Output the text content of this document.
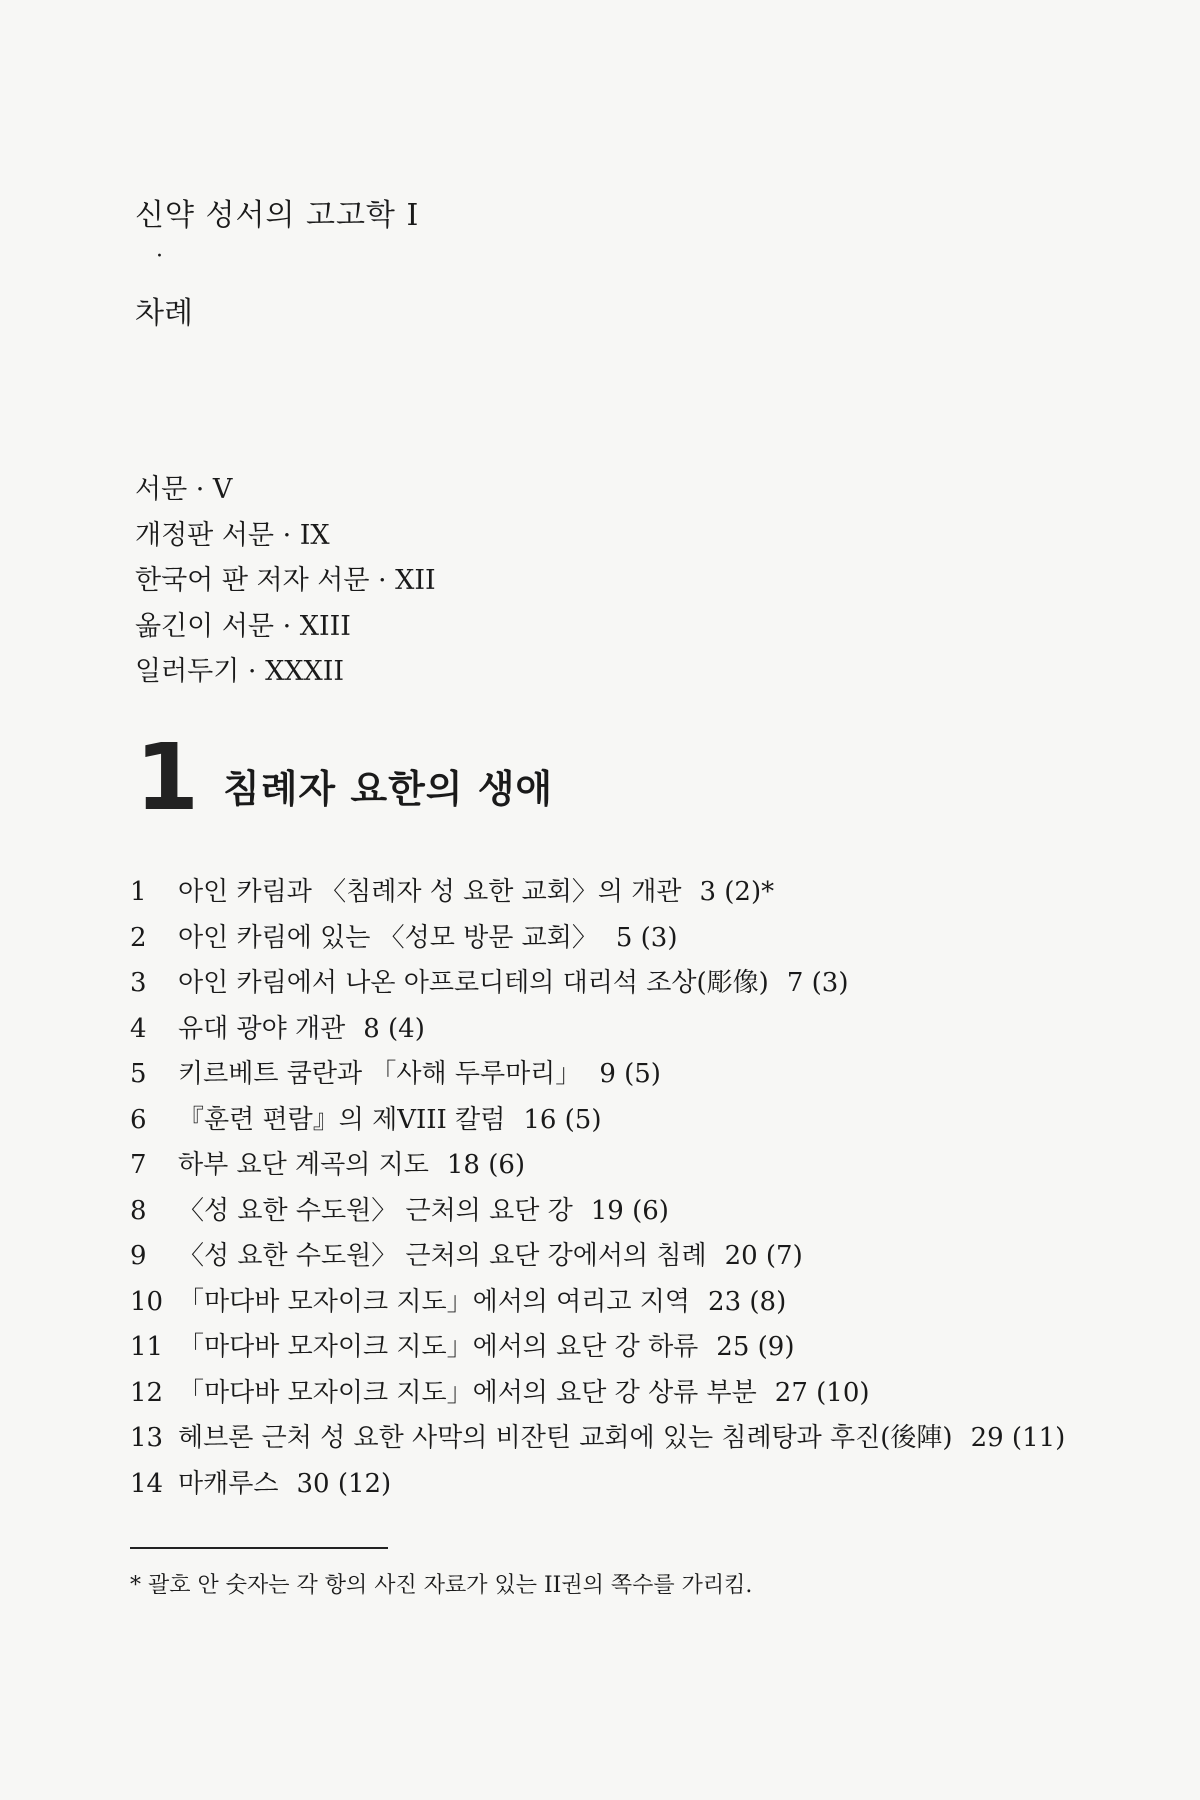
신약 성서의 고고학 I
·
차례
서문 · V
개정판 서문 · IX
한국어 판 저자 서문 · XII
옮긴이 서문 · XIII
일러두기 · XXXII
1 침례자 요한의 생애
1	아인 카림과 〈침례자 성 요한 교회〉의 개관 3 (2)*
2	아인 카림에 있는 〈성모 방문 교회〉 5 (3)
3	아인 카림에서 나온 아프로디테의 대리석 조상(彫像) 7 (3)
4	유대 광야 개관 8 (4)
5	키르베트 쿰란과 「사해 두루마리」 9 (5)
6	『훈련 편람』의 제VIII 칼럼 16 (5)
7	하부 요단 계곡의 지도 18 (6)
8	〈성 요한 수도원〉 근처의 요단 강 19 (6)
9	〈성 요한 수도원〉 근처의 요단 강에서의 침례 20 (7)
10 「마다바 모자이크 지도」에서의 여리고 지역 23 (8)
11 「마다바 모자이크 지도」에서의 요단 강 하류 25 (9)
12 「마다바 모자이크 지도」에서의 요단 강 상류 부분 27 (10)
13 헤브론 근처 성 요한 사막의 비잔틴 교회에 있는 침례탕과 후진(後陣) 29 (11)
14 마캐루스 30 (12)

* 괄호 안 숫자는 각 항의 사진 자료가 있는 II권의 쪽수를 가리킴.
